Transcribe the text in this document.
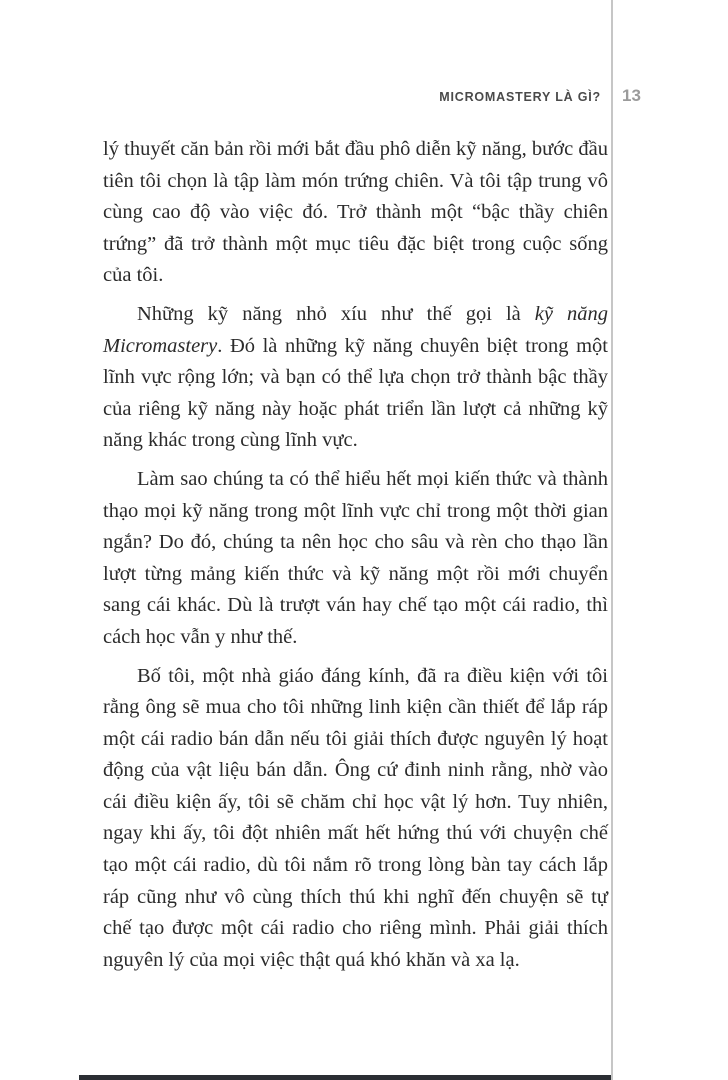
MICROMASTERY LÀ GÌ? 13

lý thuyết căn bản rồi mới bắt đầu phô diễn kỹ năng, bước đầu tiên tôi chọn là tập làm món trứng chiên. Và tôi tập trung vô cùng cao độ vào việc đó. Trở thành một “bậc thầy chiên trứng” đã trở thành một mục tiêu đặc biệt trong cuộc sống của tôi.

Những kỹ năng nhỏ xíu như thế gọi là kỹ năng Micromastery. Đó là những kỹ năng chuyên biệt trong một lĩnh vực rộng lớn; và bạn có thể lựa chọn trở thành bậc thầy của riêng kỹ năng này hoặc phát triển lần lượt cả những kỹ năng khác trong cùng lĩnh vực.

Làm sao chúng ta có thể hiểu hết mọi kiến thức và thành thạo mọi kỹ năng trong một lĩnh vực chỉ trong một thời gian ngắn? Do đó, chúng ta nên học cho sâu và rèn cho thạo lần lượt từng mảng kiến thức và kỹ năng một rồi mới chuyển sang cái khác. Dù là trượt ván hay chế tạo một cái radio, thì cách học vẫn y như thế.

Bố tôi, một nhà giáo đáng kính, đã ra điều kiện với tôi rằng ông sẽ mua cho tôi những linh kiện cần thiết để lắp ráp một cái radio bán dẫn nếu tôi giải thích được nguyên lý hoạt động của vật liệu bán dẫn. Ông cứ đinh ninh rằng, nhờ vào cái điều kiện ấy, tôi sẽ chăm chỉ học vật lý hơn. Tuy nhiên, ngay khi ấy, tôi đột nhiên mất hết hứng thú với chuyện chế tạo một cái radio, dù tôi nắm rõ trong lòng bàn tay cách lắp ráp cũng như vô cùng thích thú khi nghĩ đến chuyện sẽ tự chế tạo được một cái radio cho riêng mình. Phải giải thích nguyên lý của mọi việc thật quá khó khăn và xa lạ.
